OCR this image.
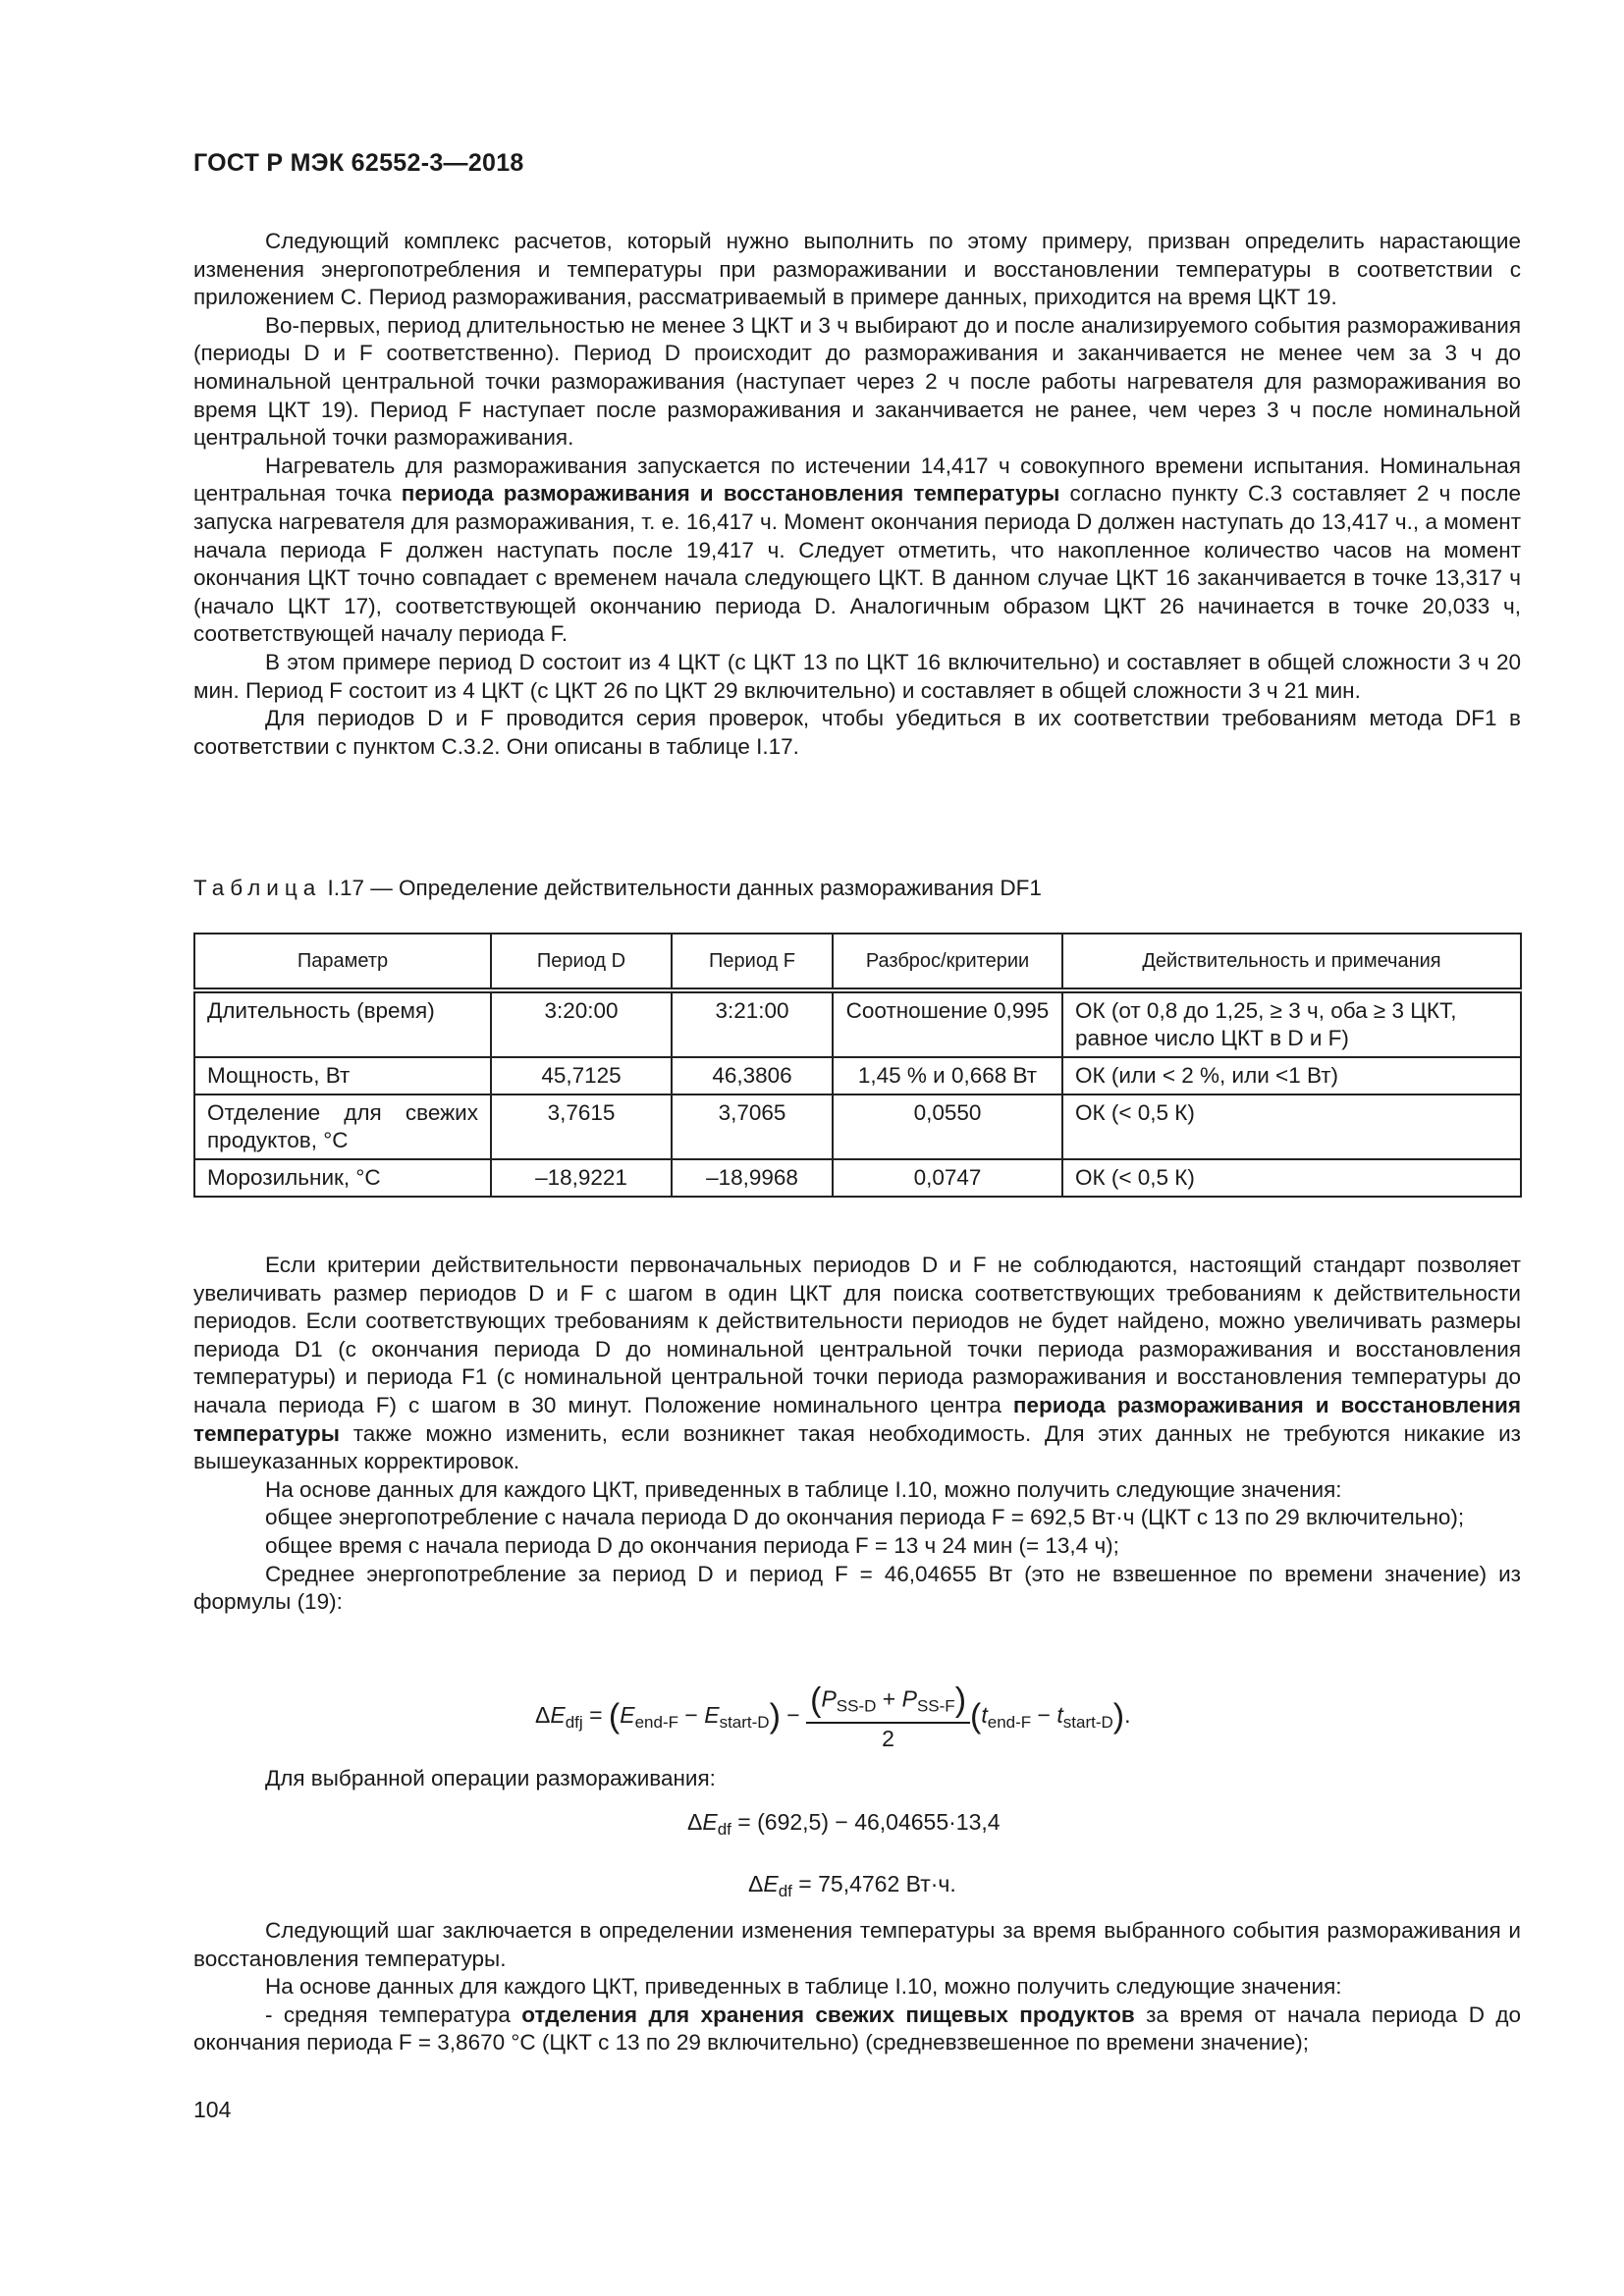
ГОСТ Р МЭК 62552-3—2018

Следующий комплекс расчетов, который нужно выполнить по этому примеру, призван определить нарастающие изменения энергопотребления и температуры при размораживании и восстановлении температуры в соответствии с приложением С. Период размораживания, рассматриваемый в примере данных, приходится на время ЦКТ 19.

Во-первых, период длительностью не менее 3 ЦКТ и 3 ч выбирают до и после анализируемого события размораживания (периоды D и F соответственно). Период D происходит до размораживания и заканчивается не менее чем за 3 ч до номинальной центральной точки размораживания (наступает через 2 ч после работы нагревателя для размораживания во время ЦКТ 19). Период F наступает после размораживания и заканчивается не ранее, чем через 3 ч после номинальной центральной точки размораживания.

Нагреватель для размораживания запускается по истечении 14,417 ч совокупного времени испытания. Номинальная центральная точка периода размораживания и восстановления температуры согласно пункту С.3 составляет 2 ч после запуска нагревателя для размораживания, т. е. 16,417 ч. Момент окончания периода D должен наступать до 13,417 ч., а момент начала периода F должен наступать после 19,417 ч. Следует отметить, что накопленное количество часов на момент окончания ЦКТ точно совпадает с временем начала следующего ЦКТ. В данном случае ЦКТ 16 заканчивается в точке 13,317 ч (начало ЦКТ 17), соответствующей окончанию периода D. Аналогичным образом ЦКТ 26 начинается в точке 20,033 ч, соответствующей началу периода F.

В этом примере период D состоит из 4 ЦКТ (с ЦКТ 13 по ЦКТ 16 включительно) и составляет в общей сложности 3 ч 20 мин. Период F состоит из 4 ЦКТ (с ЦКТ 26 по ЦКТ 29 включительно) и составляет в общей сложности 3 ч 21 мин.

Для периодов D и F проводится серия проверок, чтобы убедиться в их соответствии требованиям метода DF1 в соответствии с пунктом С.3.2. Они описаны в таблице I.17.

Таблица I.17 — Определение действительности данных размораживания DF1
Параметр	Период D	Период F	Разброс/критерии	Действительность и примечания
Длительность (время)	3:20:00	3:21:00	Соотношение 0,995	ОК (от 0,8 до 1,25, ≥ 3 ч, оба ≥ 3 ЦКТ, равное число ЦКТ в D и F)
Мощность, Вт	45,7125	46,3806	1,45 % и 0,668 Вт	ОК (или < 2 %, или <1 Вт)
Отделение для свежих продуктов, °С	3,7615	3,7065	0,0550	ОК (< 0,5 К)
Морозильник, °С	–18,9221	–18,9968	0,0747	ОК (< 0,5 К)

Если критерии действительности первоначальных периодов D и F не соблюдаются, настоящий стандарт позволяет увеличивать размер периодов D и F с шагом в один ЦКТ для поиска соответствующих требованиям к действительности периодов. Если соответствующих требованиям к действительности периодов не будет найдено, можно увеличивать размеры периода D1 (с окончания периода D до номинальной центральной точки периода размораживания и восстановления температуры) и периода F1 (с номинальной центральной точки периода размораживания и восстановления температуры до начала периода F) с шагом в 30 минут. Положение номинального центра периода размораживания и восстановления температуры также можно изменить, если возникнет такая необходимость. Для этих данных не требуются никакие из вышеуказанных корректировок.

На основе данных для каждого ЦКТ, приведенных в таблице I.10, можно получить следующие значения:

общее энергопотребление с начала периода D до окончания периода F = 692,5 Вт·ч (ЦКТ с 13 по 29 включительно);

общее время с начала периода D до окончания периода F = 13 ч 24 мин (= 13,4 ч);

Среднее энергопотребление за период D и период F = 46,04655 Вт (это не взвешенное по времени значение) из формулы (19):

$\Delta E_{dfj} = (E_{end-F} - E_{start-D}) - \frac{(P_{SS-D} + P_{SS-F})}{2} (t_{end-F} - t_{start-D})$.

Для выбранной операции размораживания:

$\Delta E_{df} = (692,5) - 46,04655\cdot 13,4$
$\Delta E_{df} = 75,4762$ Вт·ч.

Следующий шаг заключается в определении изменения температуры за время выбранного события размораживания и восстановления температуры.

На основе данных для каждого ЦКТ, приведенных в таблице I.10, можно получить следующие значения:

- средняя температура отделения для хранения свежих пищевых продуктов за время от начала периода D до окончания периода F = 3,8670 °С (ЦКТ с 13 по 29 включительно) (средневзвешенное по времени значение);

104
